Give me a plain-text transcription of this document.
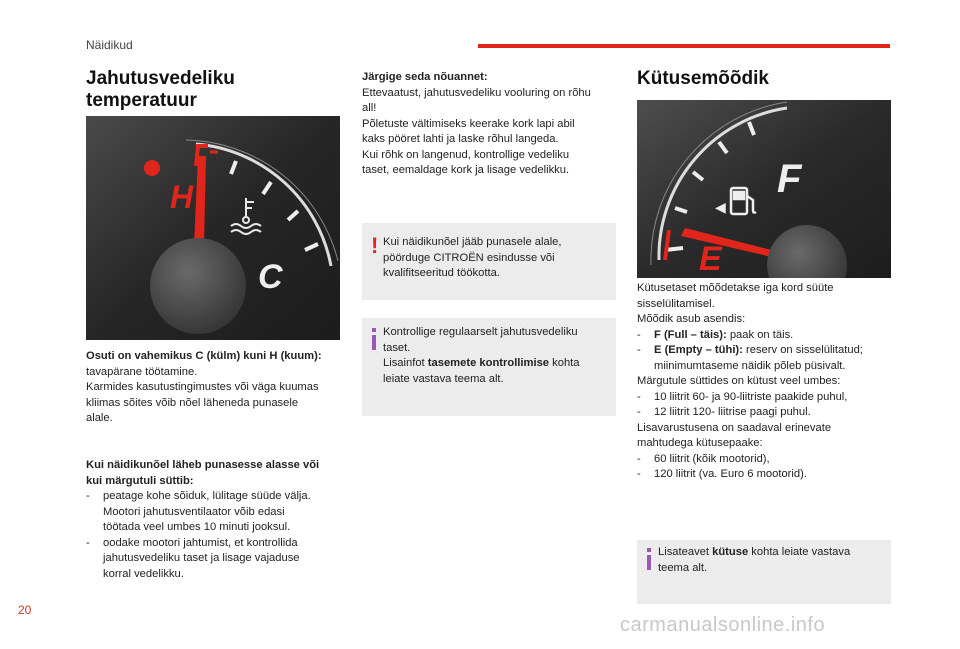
Näidikud
Jahutusvedeliku
temperatuur
H
C

Osuti on vahemikus C (külm) kuni H (kuum):

tavapärane töötamine.

Karmides kasutustingimustes või väga kuumas

kliimas sõites võib nõel läheneda punasele

alale.

Kui näidikunõel läheb punasesse alasse või

kui märgutuli süttib:

- peatage kohe sõiduk, lülitage süüde välja.

Mootori jahutusventilaator võib edasi

töötada veel umbes 10 minuti jooksul.

- oodake mootori jahtumist, et kontrollida

jahutusvedeliku taset ja lisage vajaduse

korral vedelikku.

Järgige seda nõuannet:

Ettevaatust, jahutusvedeliku vooluring on rõhu

all!

Põletuste vältimiseks keerake kork lapi abil

kaks pööret lahti ja laske rõhul langeda.

Kui rõhk on langenud, kontrollige vedeliku

taset, eemaldage kork ja lisage vedelikku.

! Kui näidikunõel jääb punasele alale,

pöörduge CITROËN esindusse või

kvalifitseeritud töökotta.

Kontrollige regulaarselt jahutusvedeliku

taset.

Lisainfot tasemete kontrollimise kohta

leiate vastava teema alt.

Kütusemõõdik
F
E
◀

Kütusetaset mõõdetakse iga kord süüte

sisselülitamisel.

Mõõdik asub asendis:

- F (Full – täis): paak on täis.

- E (Empty – tühi): reserv on sisselülitatud;

miinimumtaseme näidik põleb püsivalt.

Märgutule süttides on kütust veel umbes:

- 10 liitrit 60- ja 90-liitriste paakide puhul,

- 12 liitrit 120- liitrise paagi puhul.

Lisavarustusena on saadaval erinevate

mahtudega kütusepaake:

- 60 liitrit (kõik mootorid),

- 120 liitrit (va. Euro 6 mootorid).

Lisateavet kütuse kohta leiate vastava

teema alt.

20
carmanualsonline.info
